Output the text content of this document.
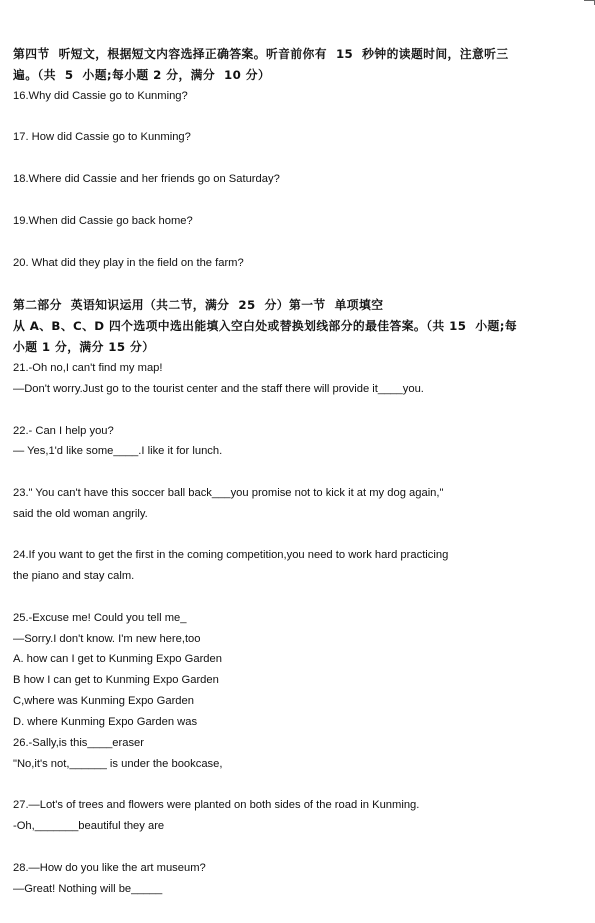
第四节  听短文，根据短文内容选择正确答案。听音前你有  15  秒钟的读题时间，注意听三
遍。（共  5  小题;每小题 2 分，满分  10 分）
16.Why did Cassie go to Kunming?
17. How did Cassie go to Kunming?
18.Where did Cassie and her friends go on Saturday?
19.When did Cassie go back home?
20. What did they play in the field on the farm?
第二部分  英语知识运用（共二节，满分  25  分）第一节  单项填空
从 A、B、C、D 四个选项中选出能填入空白处或替换划线部分的最佳答案。（共 15  小题;每
小题 1 分，满分 15 分）
21.-Oh no,I can't find my map!
—Don't worry.Just go to the tourist center and the staff there will provide it____you.
22.- Can I help you?
— Yes,1'd like some____.I like it for lunch.
23." You can't have this soccer ball back___you promise not to kick it at my dog again,"
said the old woman angrily.
24.If you want to get the first in the coming competition,you need to work hard practicing
the piano and stay calm.
25.-Excuse me! Could you tell me_
—Sorry.I don't know. I'm new here,too
A. how can I get to Kunming Expo Garden
B how I can get to Kunming Expo Garden
C,where was Kunming Expo Garden
D. where Kunming Expo Garden was
26.-Sally,is this____eraser
"No,it's not,______ is under the bookcase,
27.—Lot's of trees and flowers were planted on both sides of the road in Kunming.
-Oh,_______beautiful they are
28.—How do you like the art museum?
—Great! Nothing will be_____
